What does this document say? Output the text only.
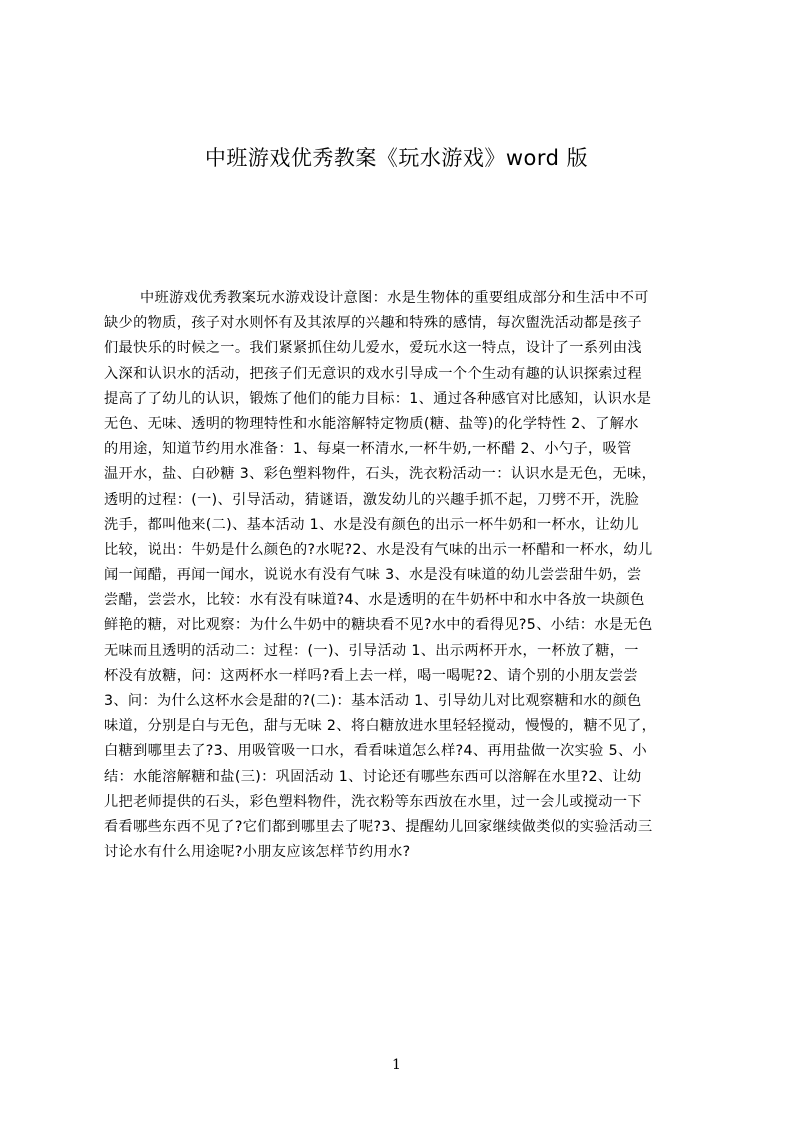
中班游戏优秀教案《玩水游戏》word 版
中班游戏优秀教案玩水游戏设计意图：水是生物体的重要组成部分和生活中不可
缺少的物质，孩子对水则怀有及其浓厚的兴趣和特殊的感情，每次盥洗活动都是孩子
们最快乐的时候之一。我们紧紧抓住幼儿爱水，爱玩水这一特点，设计了一系列由浅
入深和认识水的活动，把孩子们无意识的戏水引导成一个个生动有趣的认识探索过程
提高了了幼儿的认识，锻炼了他们的能力目标：1、通过各种感官对比感知，认识水是
无色、无味、透明的物理特性和水能溶解特定物质(糖、盐等)的化学特性 2、了解水
的用途，知道节约用水准备：1、每桌一杯清水,一杯牛奶,一杯醋 2、小勺子，吸管
温开水，盐、白砂糖 3、彩色塑料物件，石头，洗衣粉活动一：认识水是无色，无味，
透明的过程：(一)、引导活动，猜谜语，激发幼儿的兴趣手抓不起，刀劈不开，洗脸
洗手，都叫他来(二)、基本活动 1、水是没有颜色的出示一杯牛奶和一杯水，让幼儿
比较，说出：牛奶是什么颜色的?水呢?2、水是没有气味的出示一杯醋和一杯水，幼儿
闻一闻醋，再闻一闻水，说说水有没有气味 3、水是没有味道的幼儿尝尝甜牛奶，尝
尝醋，尝尝水，比较：水有没有味道?4、水是透明的在牛奶杯中和水中各放一块颜色
鲜艳的糖，对比观察：为什么牛奶中的糖块看不见?水中的看得见?5、小结：水是无色
无味而且透明的活动二：过程：(一)、引导活动 1、出示两杯开水，一杯放了糖，一
杯没有放糖，问：这两杯水一样吗?看上去一样，喝一喝呢?2、请个别的小朋友尝尝
3、问：为什么这杯水会是甜的?(二)：基本活动 1、引导幼儿对比观察糖和水的颜色
味道，分别是白与无色，甜与无味 2、将白糖放进水里轻轻搅动，慢慢的，糖不见了，
白糖到哪里去了?3、用吸管吸一口水，看看味道怎么样?4、再用盐做一次实验 5、小
结：水能溶解糖和盐(三)：巩固活动 1、讨论还有哪些东西可以溶解在水里?2、让幼
儿把老师提供的石头，彩色塑料物件，洗衣粉等东西放在水里，过一会儿或搅动一下
看看哪些东西不见了?它们都到哪里去了呢?3、提醒幼儿回家继续做类似的实验活动三
讨论水有什么用途呢?小朋友应该怎样节约用水?
1
